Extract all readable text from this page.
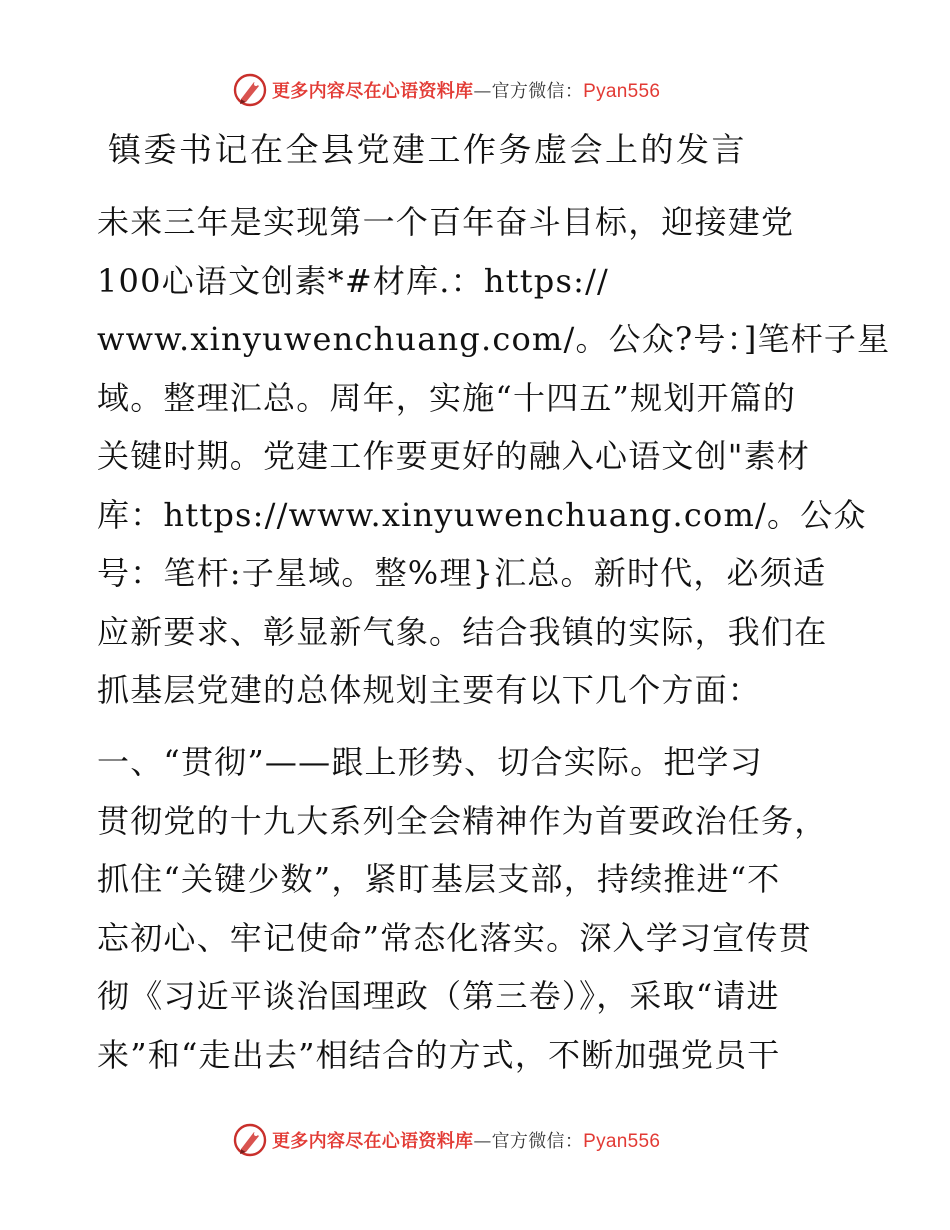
更多内容尽在心语资料库—官方微信：Pyan556
镇委书记在全县党建工作务虚会上的发言
未来三年是实现第一个百年奋斗目标，迎接建党
100心语文创素*#材库.：https://
www.xinyuwenchuang.com/。公众?号：]笔杆子星
域。整理汇总。周年，实施“十四五”规划开篇的
关键时期。党建工作要更好的融入心语文创"素材
库：https://www.xinyuwenchuang.com/。公众
号：笔杆:子星域。整%理}汇总。新时代，必须适
应新要求、彰显新气象。结合我镇的实际，我们在
抓基层党建的总体规划主要有以下几个方面：
一、“贯彻”——跟上形势、切合实际。把学习
贯彻党的十九大系列全会精神作为首要政治任务，
抓住“关键少数”，紧盯基层支部，持续推进“不
忘初心、牢记使命”常态化落实。深入学习宣传贯
彻《习近平谈治国理政（第三卷）》，采取“请进
来”和“走出去”相结合的方式，不断加强党员干
更多内容尽在心语资料库—官方微信：Pyan556
